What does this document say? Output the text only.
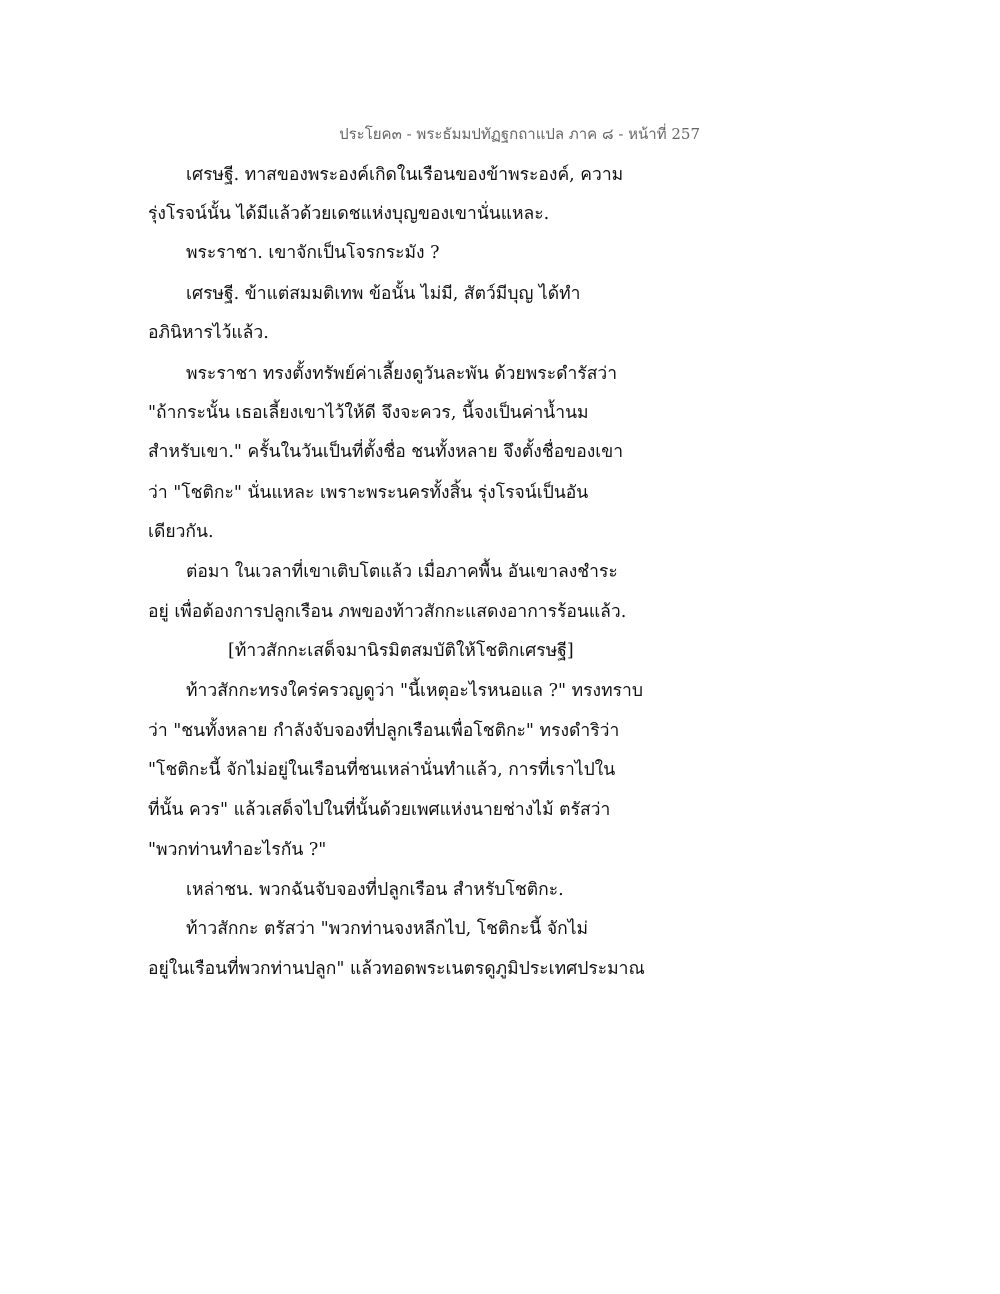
ประโยค๓ - พระธัมมปทัฏฐกถาแปล ภาค ๘ - หน้าที่ 257
เศรษฐี. ทาสของพระองค์เกิดในเรือนของข้าพระองค์, ความ
รุ่งโรจน์นั้น ได้มีแล้วด้วยเดชแห่งบุญของเขานั่นแหละ.
พระราชา. เขาจักเป็นโจรกระมัง ?
เศรษฐี. ข้าแต่สมมติเทพ ข้อนั้น ไม่มี, สัตว์มีบุญ ได้ทำ
อภินิหารไว้แล้ว.
พระราชา ทรงตั้งทรัพย์ค่าเลี้ยงดูวันละพัน ด้วยพระดำรัสว่า
"ถ้ากระนั้น เธอเลี้ยงเขาไว้ให้ดี จึงจะควร, นี้จงเป็นค่าน้ำนม
สำหรับเขา." ครั้นในวันเป็นที่ตั้งชื่อ ชนทั้งหลาย จึงตั้งชื่อของเขา
ว่า "โชติกะ" นั่นแหละ เพราะพระนครทั้งสิ้น รุ่งโรจน์เป็นอัน
เดียวกัน.
ต่อมา ในเวลาที่เขาเติบโตแล้ว เมื่อภาคพื้น อันเขาลงชำระ
อยู่ เพื่อต้องการปลูกเรือน ภพของท้าวสักกะแสดงอาการร้อนแล้ว.
[ท้าวสักกะเสด็จมานิรมิตสมบัติให้โชติกเศรษฐี]
ท้าวสักกะทรงใคร่ครวญดูว่า "นี้เหตุอะไรหนอแล ?" ทรงทราบ
ว่า "ชนทั้งหลาย กำลังจับจองที่ปลูกเรือนเพื่อโชติกะ" ทรงดำริว่า
"โชติกะนี้ จักไม่อยู่ในเรือนที่ชนเหล่านั่นทำแล้ว, การที่เราไปใน
ที่นั้น ควร" แล้วเสด็จไปในที่นั้นด้วยเพศแห่งนายช่างไม้ ตรัสว่า
"พวกท่านทำอะไรกัน ?"
เหล่าชน. พวกฉันจับจองที่ปลูกเรือน สำหรับโชติกะ.
ท้าวสักกะ ตรัสว่า "พวกท่านจงหลีกไป, โชติกะนี้ จักไม่
อยู่ในเรือนที่พวกท่านปลูก" แล้วทอดพระเนตรดูภูมิประเทศประมาณ
